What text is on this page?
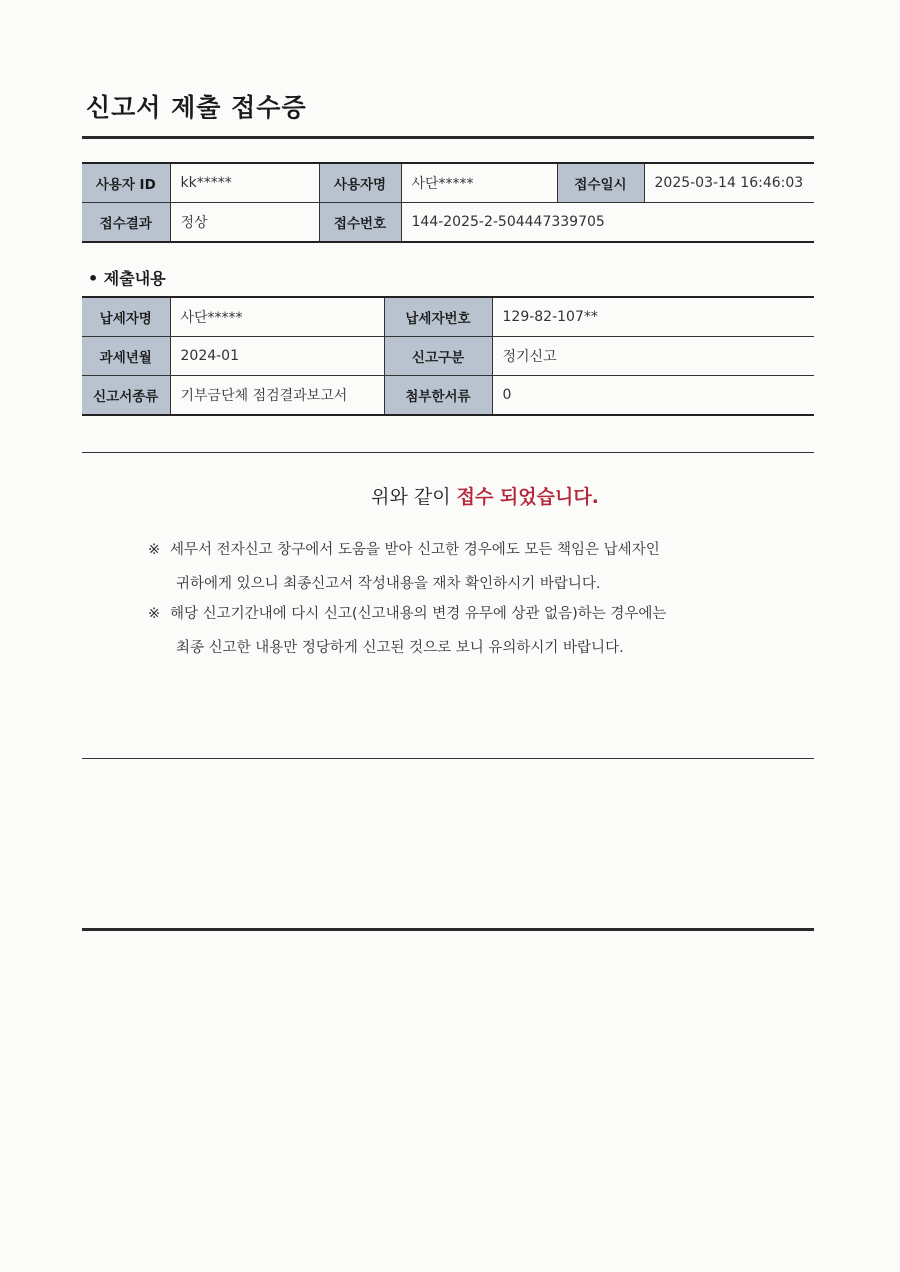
신고서 제출 접수증
사용자 ID	kk*****	사용자명	사단*****	접수일시	2025-03-14 16:46:03
접수결과	정상	접수번호	144-2025-2-504447339705		
• 제출내용
납세자명	사단*****	납세자번호	129-82-107**
과세년월	2024-01	신고구분	정기신고
신고서종류	기부금단체 점검결과보고서	첨부한서류	0
위와 같이 접수 되었습니다.
※ 세무서 전자신고 창구에서 도움을 받아 신고한 경우에도 모든 책임은 납세자인
귀하에게 있으니 최종신고서 작성내용을 재차 확인하시기 바랍니다.
※ 해당 신고기간내에 다시 신고(신고내용의 변경 유무에 상관 없음)하는 경우에는
최종 신고한 내용만 정당하게 신고된 것으로 보니 유의하시기 바랍니다.
